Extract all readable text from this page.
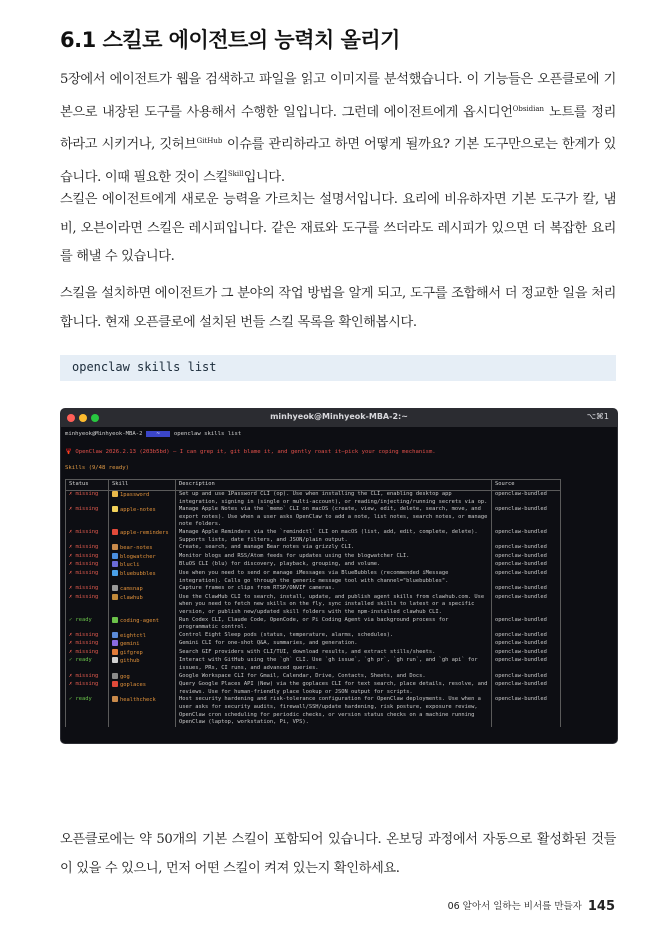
6.1 스킬로 에이전트의 능력치 올리기
5장에서 에이전트가 웹을 검색하고 파일을 읽고 이미지를 분석했습니다. 이 기능들은 오픈클로에 기본으로 내장된 도구를 사용해서 수행한 일입니다. 그런데 에이전트에게 옵시디언$^{Obsidian}$ 노트를 정리하라고 시키거나, 깃허브$^{GitHub}$ 이슈를 관리하라고 하면 어떻게 될까요? 기본 도구만으로는 한계가 있습니다. 이때 필요한 것이 스킬$^{Skill}$입니다.
스킬은 에이전트에게 새로운 능력을 가르치는 설명서입니다. 요리에 비유하자면 기본 도구가 칼, 냄비, 오븐이라면 스킬은 레시피입니다. 같은 재료와 도구를 쓰더라도 레시피가 있으면 더 복잡한 요리를 해낼 수 있습니다.
스킬을 설치하면 에이전트가 그 분야의 작업 방법을 알게 되고, 도구를 조합해서 더 정교한 일을 처리합니다. 현재 오픈클로에 설치된 번들 스킬 목록을 확인해봅시다.
openclaw skills list
minhyeok@Minhyeok-MBA-2:~	⌥⌘1
minhyeok@Minhyeok-MBA-2	~	openclaw skills list
🦞 OpenClaw 2026.2.13 (203b5bd) — I can grep it, git blame it, and gently roast it—pick your coping mechanism.
Skills (9/48 ready)
Status	Skill	Description	Source
✗ missing	1password	Set up and use 1Password CLI (op). Use when installing the CLI, enabling desktop app integration, signing in (single or multi-account), or reading/injecting/running secrets via op.	openclaw-bundled
✗ missing	apple-notes	Manage Apple Notes via the `memo` CLI on macOS (create, view, edit, delete, search, move, and export notes). Use when a user asks OpenClaw to add a note, list notes, search notes, or manage note folders.	openclaw-bundled
✗ missing	apple-reminders	Manage Apple Reminders via the `remindctl` CLI on macOS (list, add, edit, complete, delete). Supports lists, date filters, and JSON/plain output.	openclaw-bundled
✗ missing	bear-notes	Create, search, and manage Bear notes via grizzly CLI.	openclaw-bundled
✗ missing	blogwatcher	Monitor blogs and RSS/Atom feeds for updates using the blogwatcher CLI.	openclaw-bundled
✗ missing	blucli	BluOS CLI (blu) for discovery, playback, grouping, and volume.	openclaw-bundled
✗ missing	bluebubbles	Use when you need to send or manage iMessages via BlueBubbles (recommended iMessage integration). Calls go through the generic message tool with channel="bluebubbles".	openclaw-bundled
✗ missing	camsnap	Capture frames or clips from RTSP/ONVIF cameras.	openclaw-bundled
✗ missing	clawhub	Use the ClawHub CLI to search, install, update, and publish agent skills from clawhub.com. Use when you need to fetch new skills on the fly, sync installed skills to latest or a specific version, or publish new/updated skill folders with the npm-installed clawhub CLI.	openclaw-bundled
✓ ready	coding-agent	Run Codex CLI, Claude Code, OpenCode, or Pi Coding Agent via background process for programmatic control.	openclaw-bundled
✗ missing	eightctl	Control Eight Sleep pods (status, temperature, alarms, schedules).	openclaw-bundled
✗ missing	gemini	Gemini CLI for one-shot Q&A, summaries, and generation.	openclaw-bundled
✗ missing	gifgrep	Search GIF providers with CLI/TUI, download results, and extract stills/sheets.	openclaw-bundled
✓ ready	github	Interact with GitHub using the `gh` CLI. Use `gh issue`, `gh pr`, `gh run`, and `gh api` for issues, PRs, CI runs, and advanced queries.	openclaw-bundled
✗ missing	gog	Google Workspace CLI for Gmail, Calendar, Drive, Contacts, Sheets, and Docs.	openclaw-bundled
✗ missing	goplaces	Query Google Places API (New) via the goplaces CLI for text search, place details, resolve, and reviews. Use for human-friendly place lookup or JSON output for scripts.	openclaw-bundled
✓ ready	healthcheck	Host security hardening and risk-tolerance configuration for OpenClaw deployments. Use when a user asks for security audits, firewall/SSH/update hardening, risk posture, exposure review, OpenClaw cron scheduling for periodic checks, or version status checks on a machine running OpenClaw (laptop, workstation, Pi, VPS).	openclaw-bundled
오픈클로에는 약 50개의 기본 스킬이 포함되어 있습니다. 온보딩 과정에서 자동으로 활성화된 것들이 있을 수 있으니, 먼저 어떤 스킬이 켜져 있는지 확인하세요.
06 알아서 일하는 비서를 만들자 145
